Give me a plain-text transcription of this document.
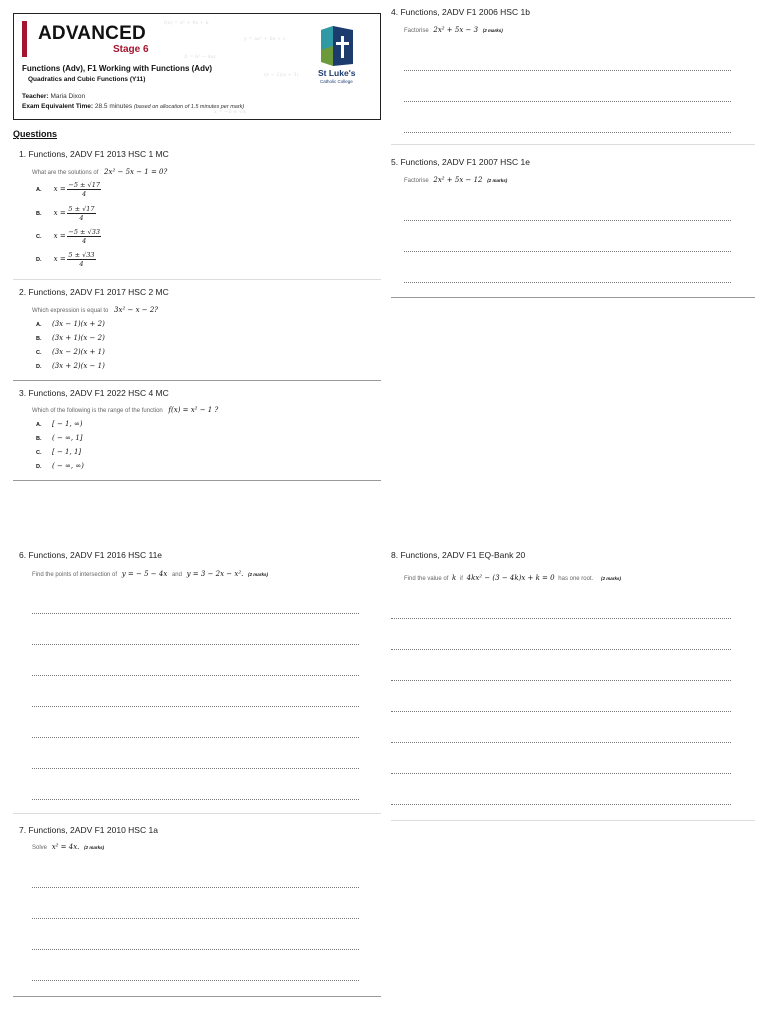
f(x) = x² + 4x + k
y = ax² + bx + c
Δ = b² − 4ac
(x − 2)(x + 3)
x = −b ± √Δ
ADVANCED
Stage 6
Functions (Adv), F1 Working with Functions (Adv)
Quadratics and Cubic Functions (Y11)
Teacher: Maria Dixon
Exam Equivalent Time: 28.5 minutes (based on allocation of 1.5 minutes per mark)
St Luke's
Catholic College
Questions
1. Functions, 2ADV F1 2013 HSC 1 MC
What are the solutions of 2x² − 5x − 1 = 0?
A. $x = \frac{-5 \pm √17}{4}$
B. $x = \frac{5 \pm √17}{4}$
C. $x = \frac{-5 \pm √33}{4}$
D. $x = \frac{5 \pm √33}{4}$
2. Functions, 2ADV F1 2017 HSC 2 MC
Which expression is equal to 3x² − x − 2?
A. (3x − 1)(x + 2)
B. (3x + 1)(x − 2)
C. (3x − 2)(x + 1)
D. (3x + 2)(x − 1)
3. Functions, 2ADV F1 2022 HSC 4 MC
Which of the following is the range of the function f(x) = x² − 1 ?
A. [ − 1, ∞)
B. ( − ∞, 1]
C. [ − 1, 1]
D. ( − ∞, ∞)
4. Functions, 2ADV F1 2006 HSC 1b
Factorise 2x² + 5x − 3 (2 marks)
5. Functions, 2ADV F1 2007 HSC 1e
Factorise 2x² + 5x − 12 (2 marks)
6. Functions, 2ADV F1 2016 HSC 11e
Find the points of intersection of y = − 5 − 4x and y = 3 − 2x − x². (2 marks)
7. Functions, 2ADV F1 2010 HSC 1a
Solve x² = 4x. (2 marks)
8. Functions, 2ADV F1 EQ-Bank 20
Find the value of k if 4kx² − (3 − 4k)x + k = 0 has one root. (2 marks)
